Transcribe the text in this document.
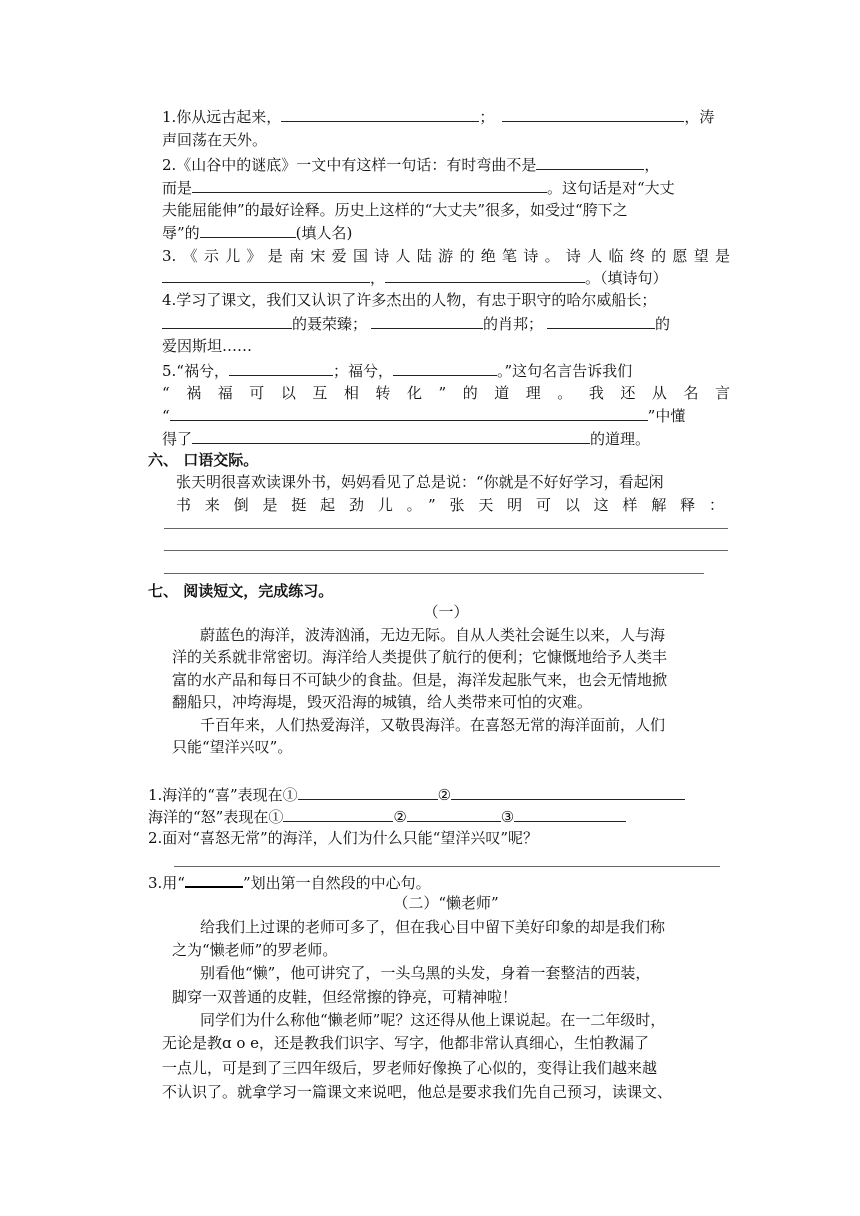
1.你从远古起来，	；	，涛
声回荡在天外。
2.《山谷中的谜底》一文中有这样一句话：有时弯曲不是	，
而是	。这句话是对“大丈
夫能屈能伸”的最好诠释。历史上这样的“大丈夫”很多，如受过“胯下之
辱”的	(填人名)
3.《示儿》是南宋爱国诗人陆游的绝笔诗。诗人临终的愿望是
，	。（填诗句）
4.学习了课文，我们又认识了许多杰出的人物，有忠于职守的哈尔威船长；
的聂荣臻；	的肖邦；	的
爱因斯坦……
5.“祸兮，	；福兮，	。”这句名言告诉我们
“祸福可以互相转化”的道理。我还从名言
“	”中懂
得了	的道理。
六、 口语交际。
张天明很喜欢读课外书，妈妈看见了总是说：“你就是不好好学习，看起闲
书来倒是挺起劲儿。”张天明可以这样解释：
七、 阅读短文，完成练习。
（一）
蔚蓝色的海洋，波涛汹涌，无边无际。自从人类社会诞生以来，人与海
洋的关系就非常密切。海洋给人类提供了航行的便利；它慷慨地给予人类丰
富的水产品和每日不可缺少的食盐。但是，海洋发起胀气来，也会无情地掀
翻船只，冲垮海堤，毁灭沿海的城镇，给人类带来可怕的灾难。
千百年来，人们热爱海洋，又敬畏海洋。在喜怒无常的海洋面前，人们
只能“望洋兴叹”。
1.海洋的“喜”表现在①	②
海洋的“怒”表现在①	②	③
2.面对“喜怒无常”的海洋，人们为什么只能“望洋兴叹”呢？
3.用“	”划出第一自然段的中心句。
（二）“懒老师”
给我们上过课的老师可多了，但在我心目中留下美好印象的却是我们称
之为“懒老师”的罗老师。
别看他“懒”，他可讲究了，一头乌黑的头发，身着一套整洁的西装，
脚穿一双普通的皮鞋，但经常擦的铮亮，可精神啦！
同学们为什么称他“懒老师”呢？这还得从他上课说起。在一二年级时，
无论是教ɑ o e，还是教我们识字、写字，他都非常认真细心，生怕教漏了
一点儿，可是到了三四年级后，罗老师好像换了心似的，变得让我们越来越
不认识了。就拿学习一篇课文来说吧，他总是要求我们先自己预习，读课文、
